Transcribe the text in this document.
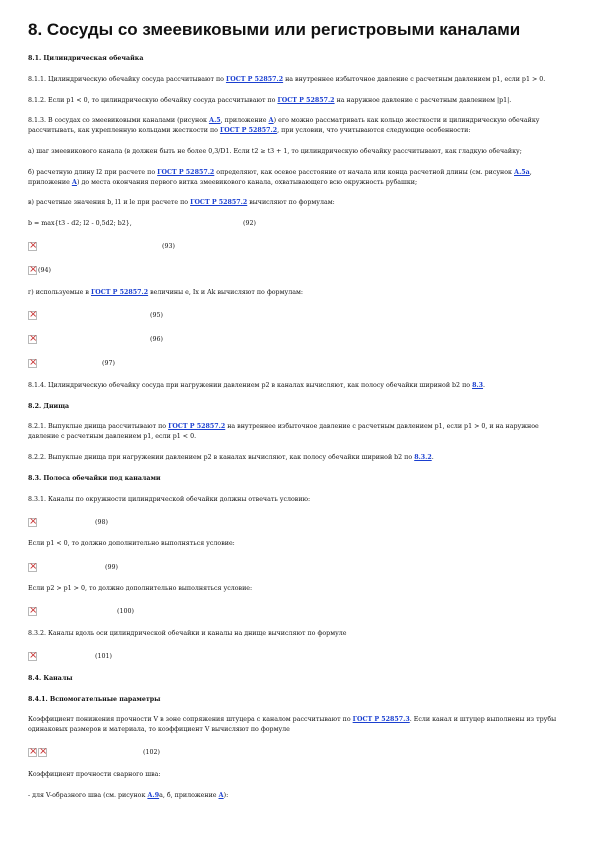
8. Сосуды со змеевиковыми или регистровыми каналами

8.1. Цилиндрическая обечайка

8.1.1. Цилиндрическую обечайку сосуда рассчитывают по ГОСТ Р 52857.2 на внутреннее избыточное давление с расчетным давлением p1, если p1 > 0.

8.1.2. Если p1 < 0, то цилиндрическую обечайку сосуда рассчитывают по ГОСТ Р 52857.2 на наружное давление с расчетным давлением |p1|.

8.1.3. В сосудах со змеевиковыми каналами (рисунок А.5, приложение А) его можно рассматривать как кольцо жесткости и цилиндрическую обечайку рассчитывать, как укрепленную кольцами жесткости по ГОСТ Р 52857.2, при условии, что учитываются следующие особенности:

а) шаг змеевикового канала (в должен быть не более 0,3/D1. Если t2 ≥ t3 + 1, то цилиндрическую обечайку рассчитывают, как гладкую обечайку;

б) расчетную длину l2 при расчете по ГОСТ Р 52857.2 определяют, как осевое расстояние от начала или конца расчетной длины (см. рисунок А.5а, приложение А) до места окончания первого витка змеевикового канала, охватывающего всю окружность рубашки;

в) расчетные значения b, l1 и le при расчете по ГОСТ Р 52857.2 вычисляют по формулам:

b = max{t3 - d2; l2 - 0,5d2; b2},	(92)

×
(93)
×
(94)

г) используемые в ГОСТ Р 52857.2 величины e, Ix и Ak вычисляют по формулам:

×
(95)
×
(96)
×
(97)

8.1.4. Цилиндрическую обечайку сосуда при нагружении давлением p2 в каналах вычисляют, как полосу обечайки шириной b2 по 8.3.

8.2. Днища

8.2.1. Выпуклые днища рассчитывают по ГОСТ Р 52857.2 на внутреннее избыточное давление с расчетным давлением p1, если p1 > 0, и на наружное давление с расчетным давлением p1, если p1 < 0.

8.2.2. Выпуклые днища при нагружении давлением p2 в каналах вычисляют, как полосу обечайки шириной b2 по 8.3.2.

8.3. Полоса обечайки под каналами

8.3.1. Каналы по окружности цилиндрической обечайки должны отвечать условию:

×
(98)

Если p1 < 0, то должно дополнительно выполняться условие:

×
(99)

Если p2 > p1 > 0, то должно дополнительно выполняться условие:

×
(100)

8.3.2. Каналы вдоль оси цилиндрической обечайки и каналы на днище вычисляют по формуле

×
(101)

8.4. Каналы

8.4.1. Вспомогательные параметры

Коэффициент понижения прочности V в зоне сопряжения штуцера с каналом рассчитывают по ГОСТ Р 52857.3. Если канал и штуцер выполнены из трубы одинаковых размеров и материала, то коэффициент V вычисляют по формуле

×
×
(102)

Коэффициент прочности сварного шва:

- для V-образного шва (см. рисунок А.9а, б, приложение А):
